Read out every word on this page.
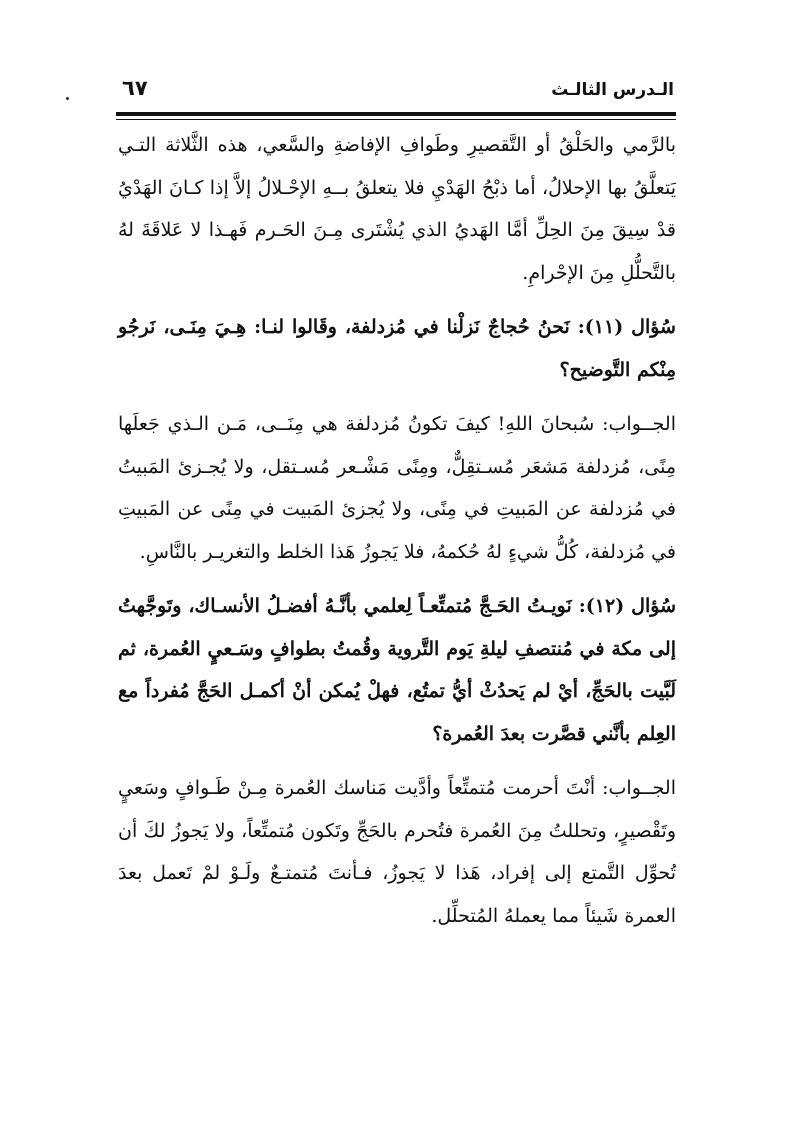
الـدرس الثالـث
٦٧

بالرَّمي والحَلْقُ أو التَّقصيرِ وطَوافِ الإفاضةِ والسَّعي، هذه الثَّلاثة التـي يَتعلَّقُ بها الإحلالُ، أما ذبْحُ الهَدْيِ فلا يتعلقُ بــهِ الإحْـلالُ إلاَّ إذا كـانَ الهَدْيُ قدْ سِيقَ مِنَ الحِلِّ أمَّا الهَديُ الذي يُشْتَرى مِـنَ الحَـرم فَهـذا لا عَلاقَةَ لهُ بالتَّحلُّلِ مِنَ الإحْرامِ.

سُؤال (١١): نَحنُ حُجاجٌ نَزلْنا في مُزدلفة، وقَالوا لنـا: هِـيَ مِنَـى، نَرجُو مِنْكم التَّوضيح؟

الجــواب: سُبحانَ اللهِ! كيفَ تكونُ مُزدلفة هي مِنَــى، مَـن الـذي جَعلَها مِنًى، مُزدلفة مَشعَر مُسـتقِلٌّ، ومِنًى مَشْـعر مُسـتقل، ولا يُجـزئ المَبيتُ في مُزدلفة عن المَبيتِ في مِنًى، ولا يُجزئ المَبيت في مِنًى عن المَبيتِ في مُزدلفة، كُلُّ شيءٍ لهُ حُكمهُ، فلا يَجوزُ هَذا الخلط والتغريـر بالنَّاسِ.

سُؤال (١٢): نَويـتُ الحَـجَّ مُتمتِّعـاً لِعلمي بأنَّـهُ أفضـلُ الأنسـاك، وتَوجَّهتُ إلى مكة في مُنتصفِ ليلةِ يَوم التَّروية وقُمتُ بطوافٍ وسَـعيٍ العُمرة، ثم لَبَّيت بالحَجِّ، أيْ لم يَحدُثْ أيُّ تمتُع، فهلْ يُمكن أنْ أكمـل الحَجَّ مُفرداً مع العِلم بأنَّني قصَّرت بعدَ العُمرة؟

الجــواب: أنْتَ أحرمت مُتمتِّعاً وأدَّيت مَناسك العُمرة مِـنْ طَـوافٍ وسَعيٍ وتَقْصيرٍ، وتحللتُ مِنَ العُمرة فتُحرم بالحَجِّ وتَكون مُتمتِّعاً، ولا يَجوزُ لكَ أن تُحوِّل التَّمتع إلى إفراد، هَذا لا يَجوزُ، فـأنتَ مُتمتـعٌ ولَـوْ لمْ تَعمل بعدَ العمرة شَيئاً مما يعملهُ المُتحلِّل.
